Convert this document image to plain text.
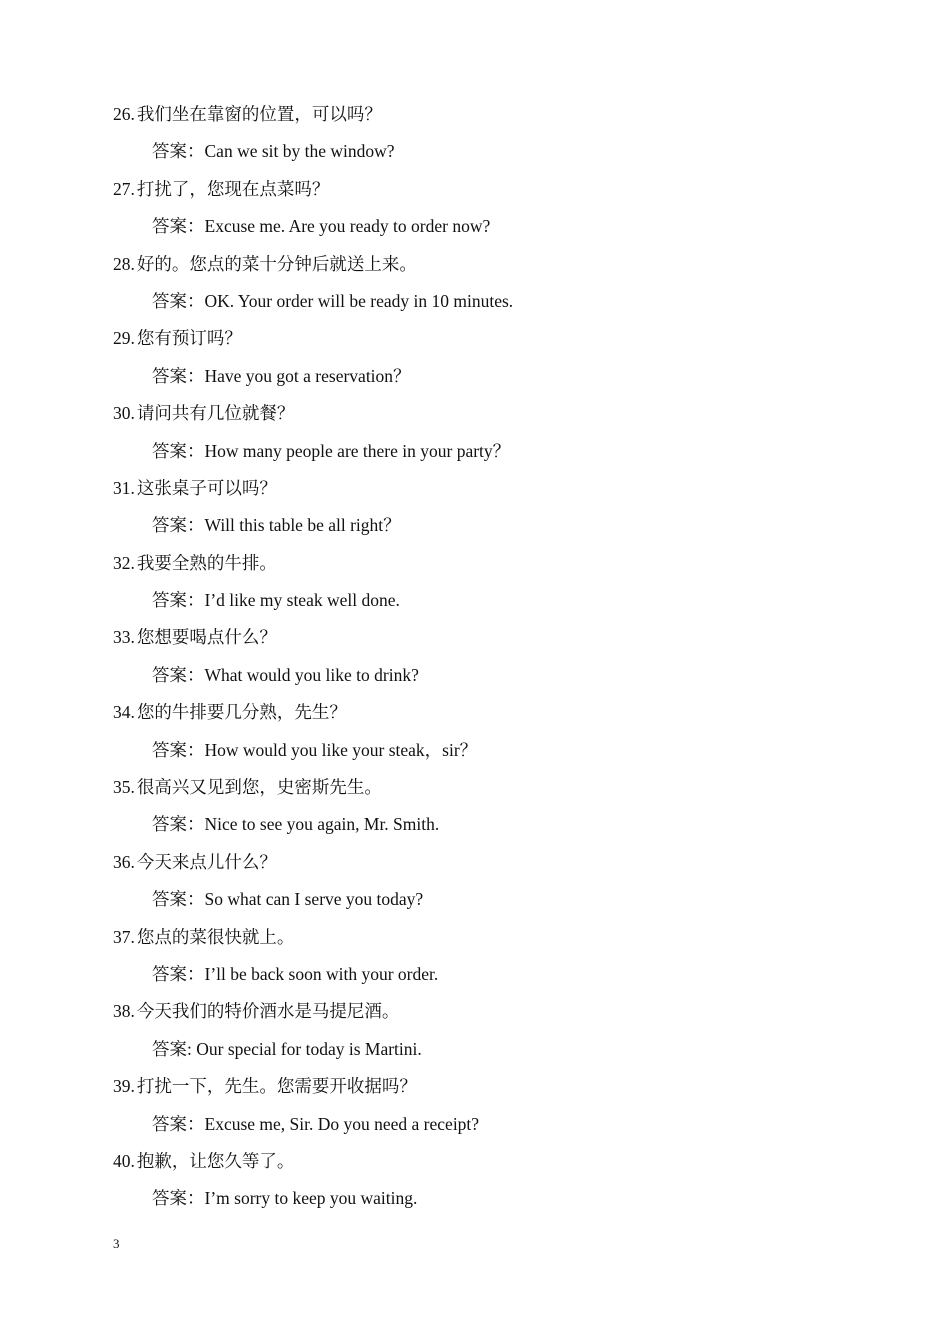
26. 我们坐在靠窗的位置，可以吗？
答案：Can we sit by the window?
27. 打扰了，您现在点菜吗？
答案：Excuse me. Are you ready to order now?
28. 好的。您点的菜十分钟后就送上来。
答案：OK. Your order will be ready in 10 minutes.
29. 您有预订吗？
答案：Have you got a reservation？
30. 请问共有几位就餐？
答案：How many people are there in your party？
31. 这张桌子可以吗？
答案：Will this table be all right？
32. 我要全熟的牛排。
答案：I’d like my steak well done.
33. 您想要喝点什么？
答案：What would you like to drink?
34. 您的牛排要几分熟，先生？
答案：How would you like your steak，sir？
35. 很高兴又见到您，史密斯先生。
答案：Nice to see you again, Mr. Smith.
36. 今天来点儿什么？
答案：So what can I serve you today?
37. 您点的菜很快就上。
答案：I’ll be back soon with your order.
38. 今天我们的特价酒水是马提尼酒。
答案: Our special for today is Martini.
39. 打扰一下，先生。您需要开收据吗？
答案：Excuse me, Sir. Do you need a receipt?
40. 抱歉，让您久等了。
答案：I’m sorry to keep you waiting.
3
